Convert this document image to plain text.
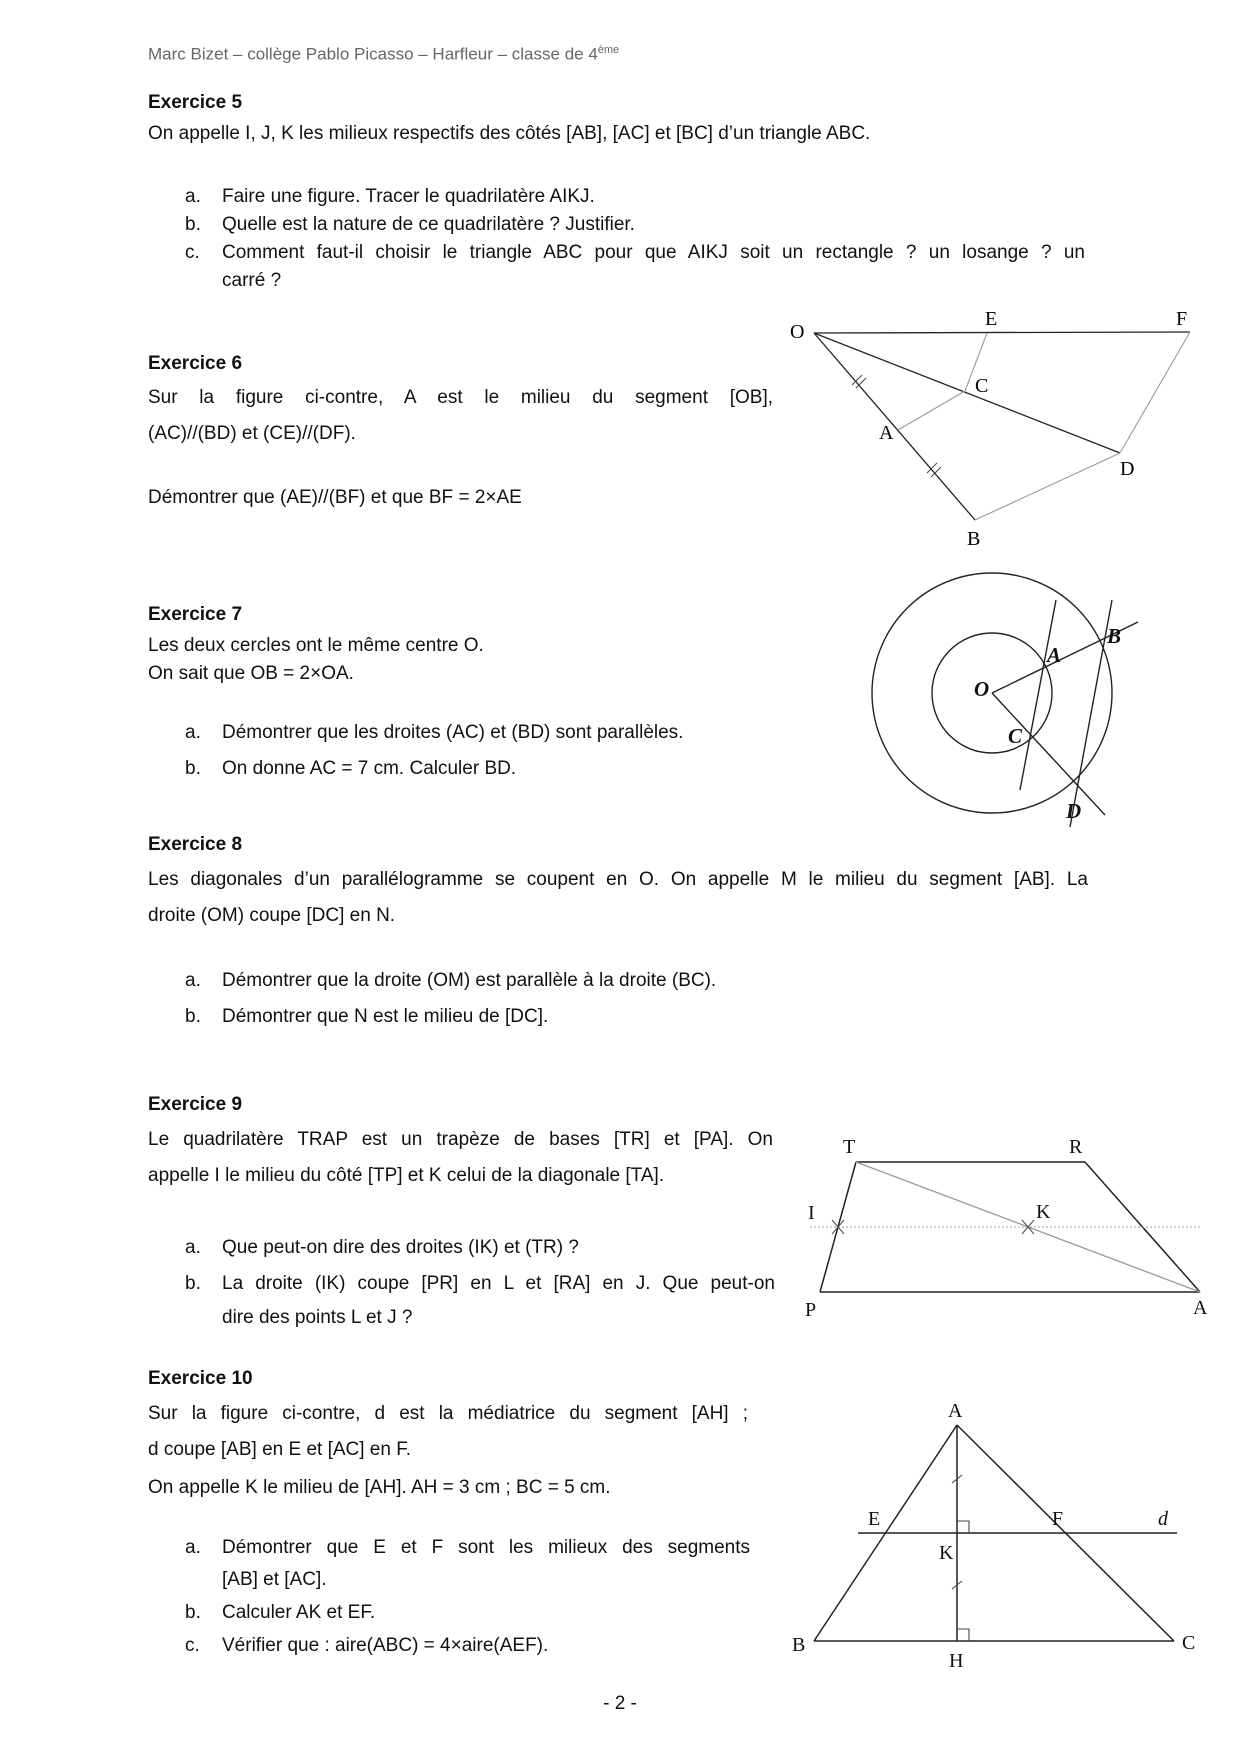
Marc Bizet – collège Pablo Picasso – Harfleur – classe de 4ème
Exercice 5
On appelle I, J, K les milieux respectifs des côtés [AB], [AC] et [BC] d’un triangle ABC.
a. Faire une figure. Tracer le quadrilatère AIKJ.
b. Quelle est la nature de ce quadrilatère ? Justifier.
c. Comment faut-il choisir le triangle ABC pour que AIKJ soit un rectangle ? un losange ? un
carré ?
Exercice 6
Sur la figure ci-contre, A est le milieu du segment [OB],
(AC)//(BD) et (CE)//(DF).
Démontrer que (AE)//(BF) et que BF = 2×AE
O
E	F
C
A
D
B
Exercice 7
Les deux cercles ont le même centre O.
On sait que OB = 2×OA.
a. Démontrer que les droites (AC) et (BD) sont parallèles.
b. On donne AC = 7 cm. Calculer BD.
O
A
B
C
D
Exercice 8
Les diagonales d’un parallélogramme se coupent en O. On appelle M le milieu du segment [AB]. La
droite (OM) coupe [DC] en N.
a. Démontrer que la droite (OM) est parallèle à la droite (BC).
b. Démontrer que N est le milieu de [DC].
Exercice 9
Le quadrilatère TRAP est un trapèze de bases [TR] et [PA]. On
appelle I le milieu du côté [TP] et K celui de la diagonale [TA].
a. Que peut-on dire des droites (IK) et (TR) ?
b. La droite (IK) coupe [PR] en L et [RA] en J. Que peut-on
dire des points L et J ?
T	R
I	K
P	A
Exercice 10
Sur la figure ci-contre, d est la médiatrice du segment [AH] ;
d coupe [AB] en E et [AC] en F.
On appelle K le milieu de [AH]. AH = 3 cm ; BC = 5 cm.
a. Démontrer que E et F sont les milieux des segments
[AB] et [AC].
b. Calculer AK et EF.
c. Vérifier que : aire(ABC) = 4×aire(AEF).
A
E	F	d
K
B
H
C
- 2 -
